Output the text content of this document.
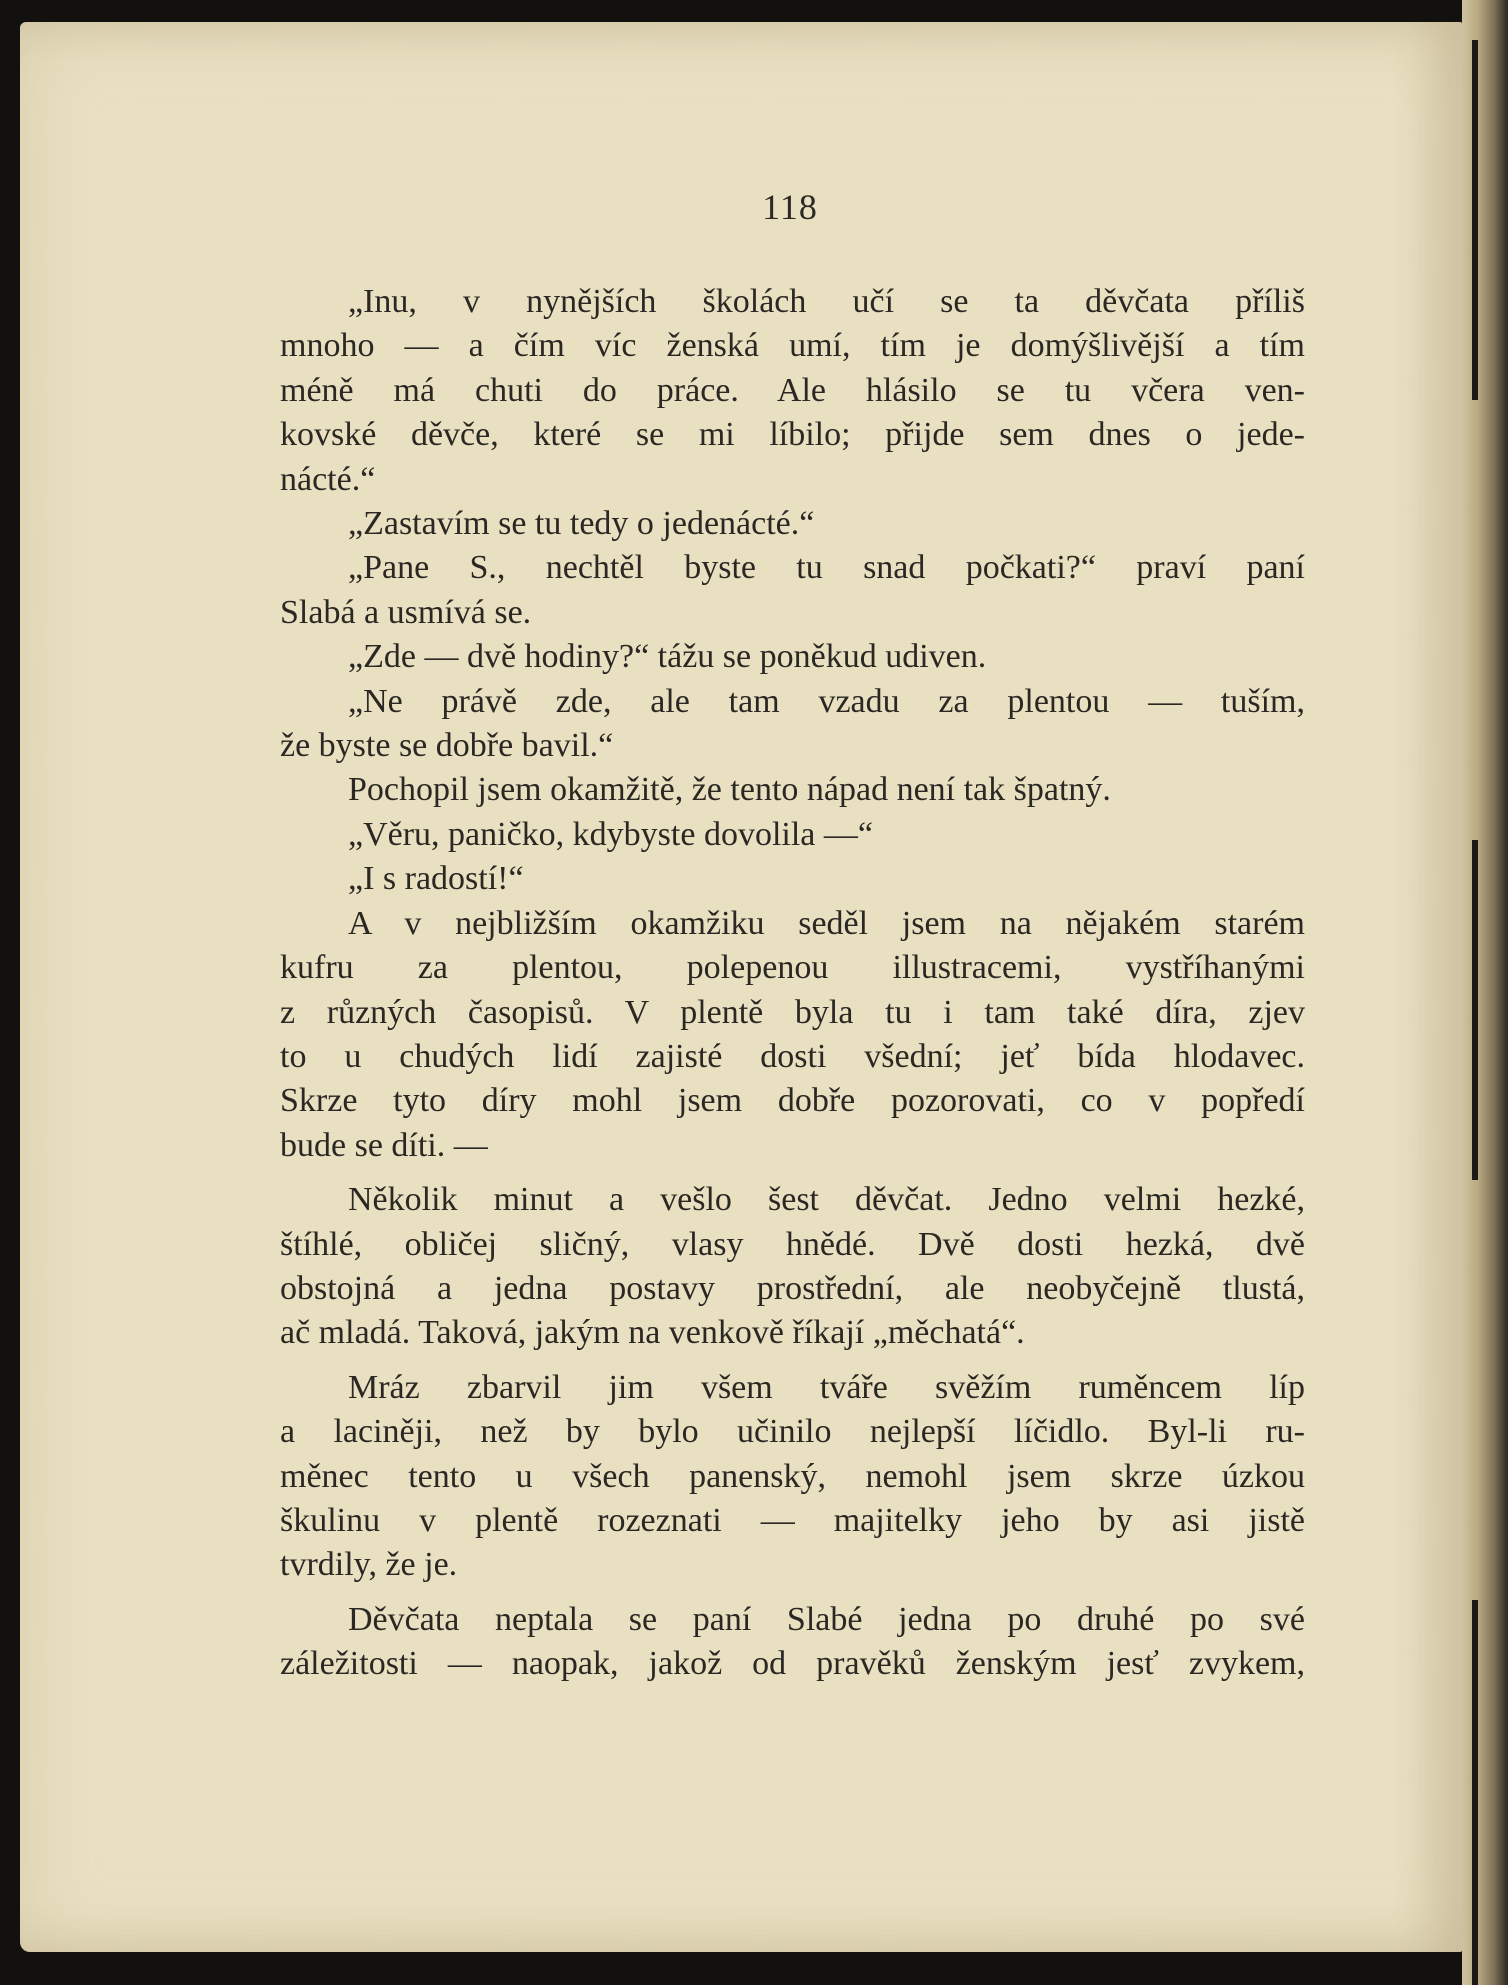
118

„Inu, v nynějších školách učí se ta děvčata příliš

mnoho — a čím víc ženská umí, tím je domýšlivější a tím

méně má chuti do práce. Ale hlásilo se tu včera ven-

kovské děvče, které se mi líbilo; přijde sem dnes o jede-

nácté.“

„Zastavím se tu tedy o jedenácté.“

„Pane S., nechtěl byste tu snad počkati?“ praví paní

Slabá a usmívá se.

„Zde — dvě hodiny?“ tážu se poněkud udiven.

„Ne právě zde, ale tam vzadu za plentou — tuším,

že byste se dobře bavil.“

Pochopil jsem okamžitě, že tento nápad není tak špatný.

„Věru, paničko, kdybyste dovolila —“

„I s radostí!“

A v nejbližším okamžiku seděl jsem na nějakém starém

kufru za plentou, polepenou illustracemi, vystříhanými

z různých časopisů. V plentě byla tu i tam také díra, zjev

to u chudých lidí zajisté dosti všední; jeť bída hlodavec.

Skrze tyto díry mohl jsem dobře pozorovati, co v popředí

bude se díti. —

Několik minut a vešlo šest děvčat. Jedno velmi hezké,

štíhlé, obličej sličný, vlasy hnědé. Dvě dosti hezká, dvě

obstojná a jedna postavy prostřední, ale neobyčejně tlustá,

ač mladá. Taková, jakým na venkově říkají „měchatá“.

Mráz zbarvil jim všem tváře svěžím ruměncem líp

a laciněji, než by bylo učinilo nejlepší líčidlo. Byl-li ru-

měnec tento u všech panenský, nemohl jsem skrze úzkou

škulinu v plentě rozeznati — majitelky jeho by asi jistě

tvrdily, že je.

Děvčata neptala se paní Slabé jedna po druhé po své

záležitosti — naopak, jakož od pravěků ženským jesť zvykem,
